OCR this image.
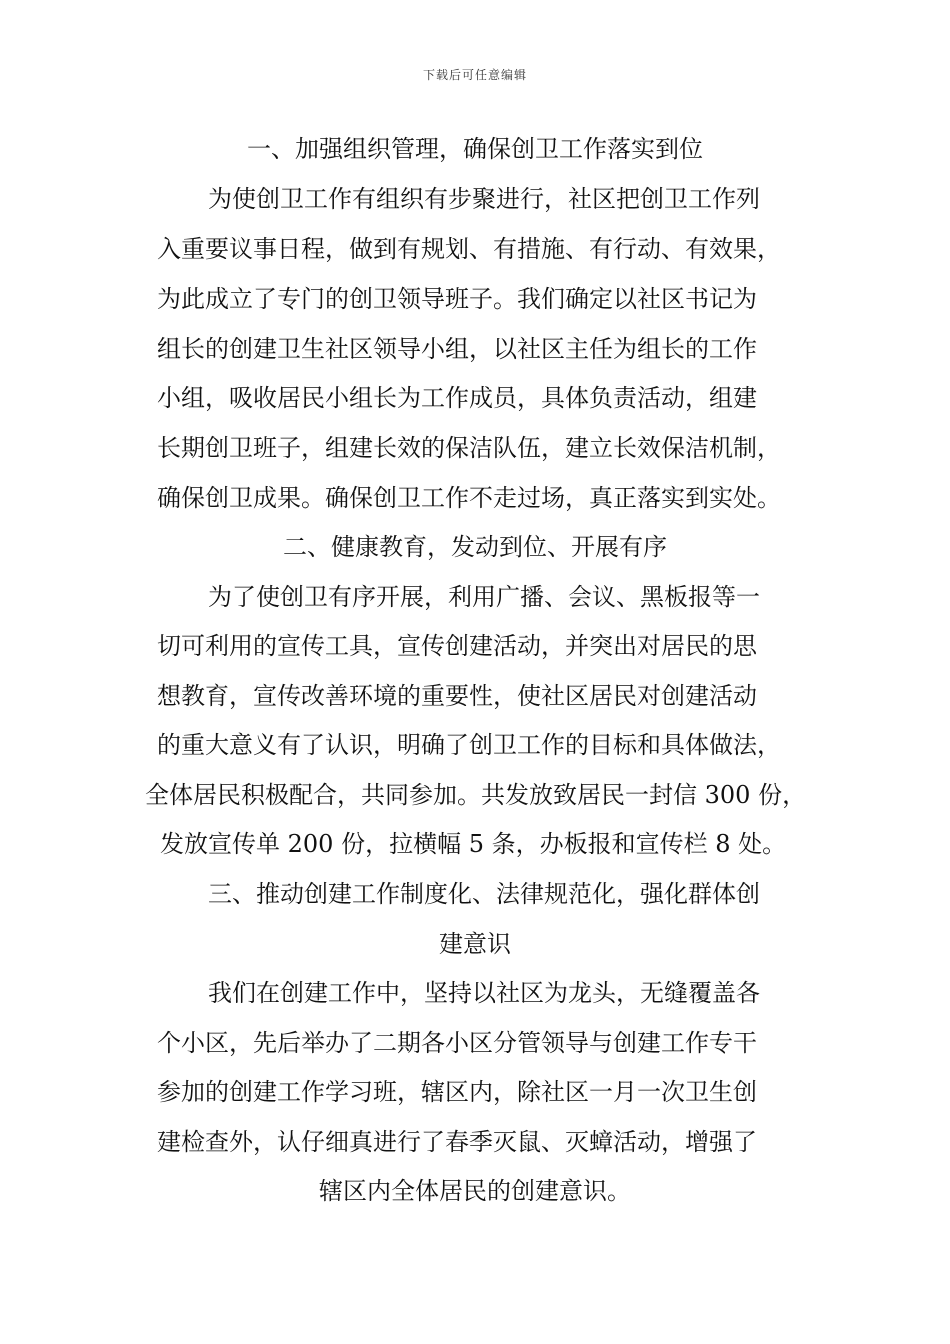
下载后可任意编辑
一、加强组织管理，确保创卫工作落实到位
为使创卫工作有组织有步聚进行，社区把创卫工作列
入重要议事日程，做到有规划、有措施、有行动、有效果，
为此成立了专门的创卫领导班子。我们确定以社区书记为
组长的创建卫生社区领导小组，以社区主任为组长的工作
小组，吸收居民小组长为工作成员，具体负责活动，组建
长期创卫班子，组建长效的保洁队伍，建立长效保洁机制，
确保创卫成果。确保创卫工作不走过场，真正落实到实处。
二、健康教育，发动到位、开展有序
为了使创卫有序开展，利用广播、会议、黑板报等一
切可利用的宣传工具，宣传创建活动，并突出对居民的思
想教育，宣传改善环境的重要性，使社区居民对创建活动
的重大意义有了认识，明确了创卫工作的目标和具体做法，
全体居民积极配合，共同参加。共发放致居民一封信 300 份，
发放宣传单 200 份，拉横幅 5 条，办板报和宣传栏 8 处。
三、推动创建工作制度化、法律规范化，强化群体创
建意识
我们在创建工作中，坚持以社区为龙头，无缝覆盖各
个小区，先后举办了二期各小区分管领导与创建工作专干
参加的创建工作学习班，辖区内，除社区一月一次卫生创
建检查外，认仔细真进行了春季灭鼠、灭蟑活动，增强了
辖区内全体居民的创建意识。
